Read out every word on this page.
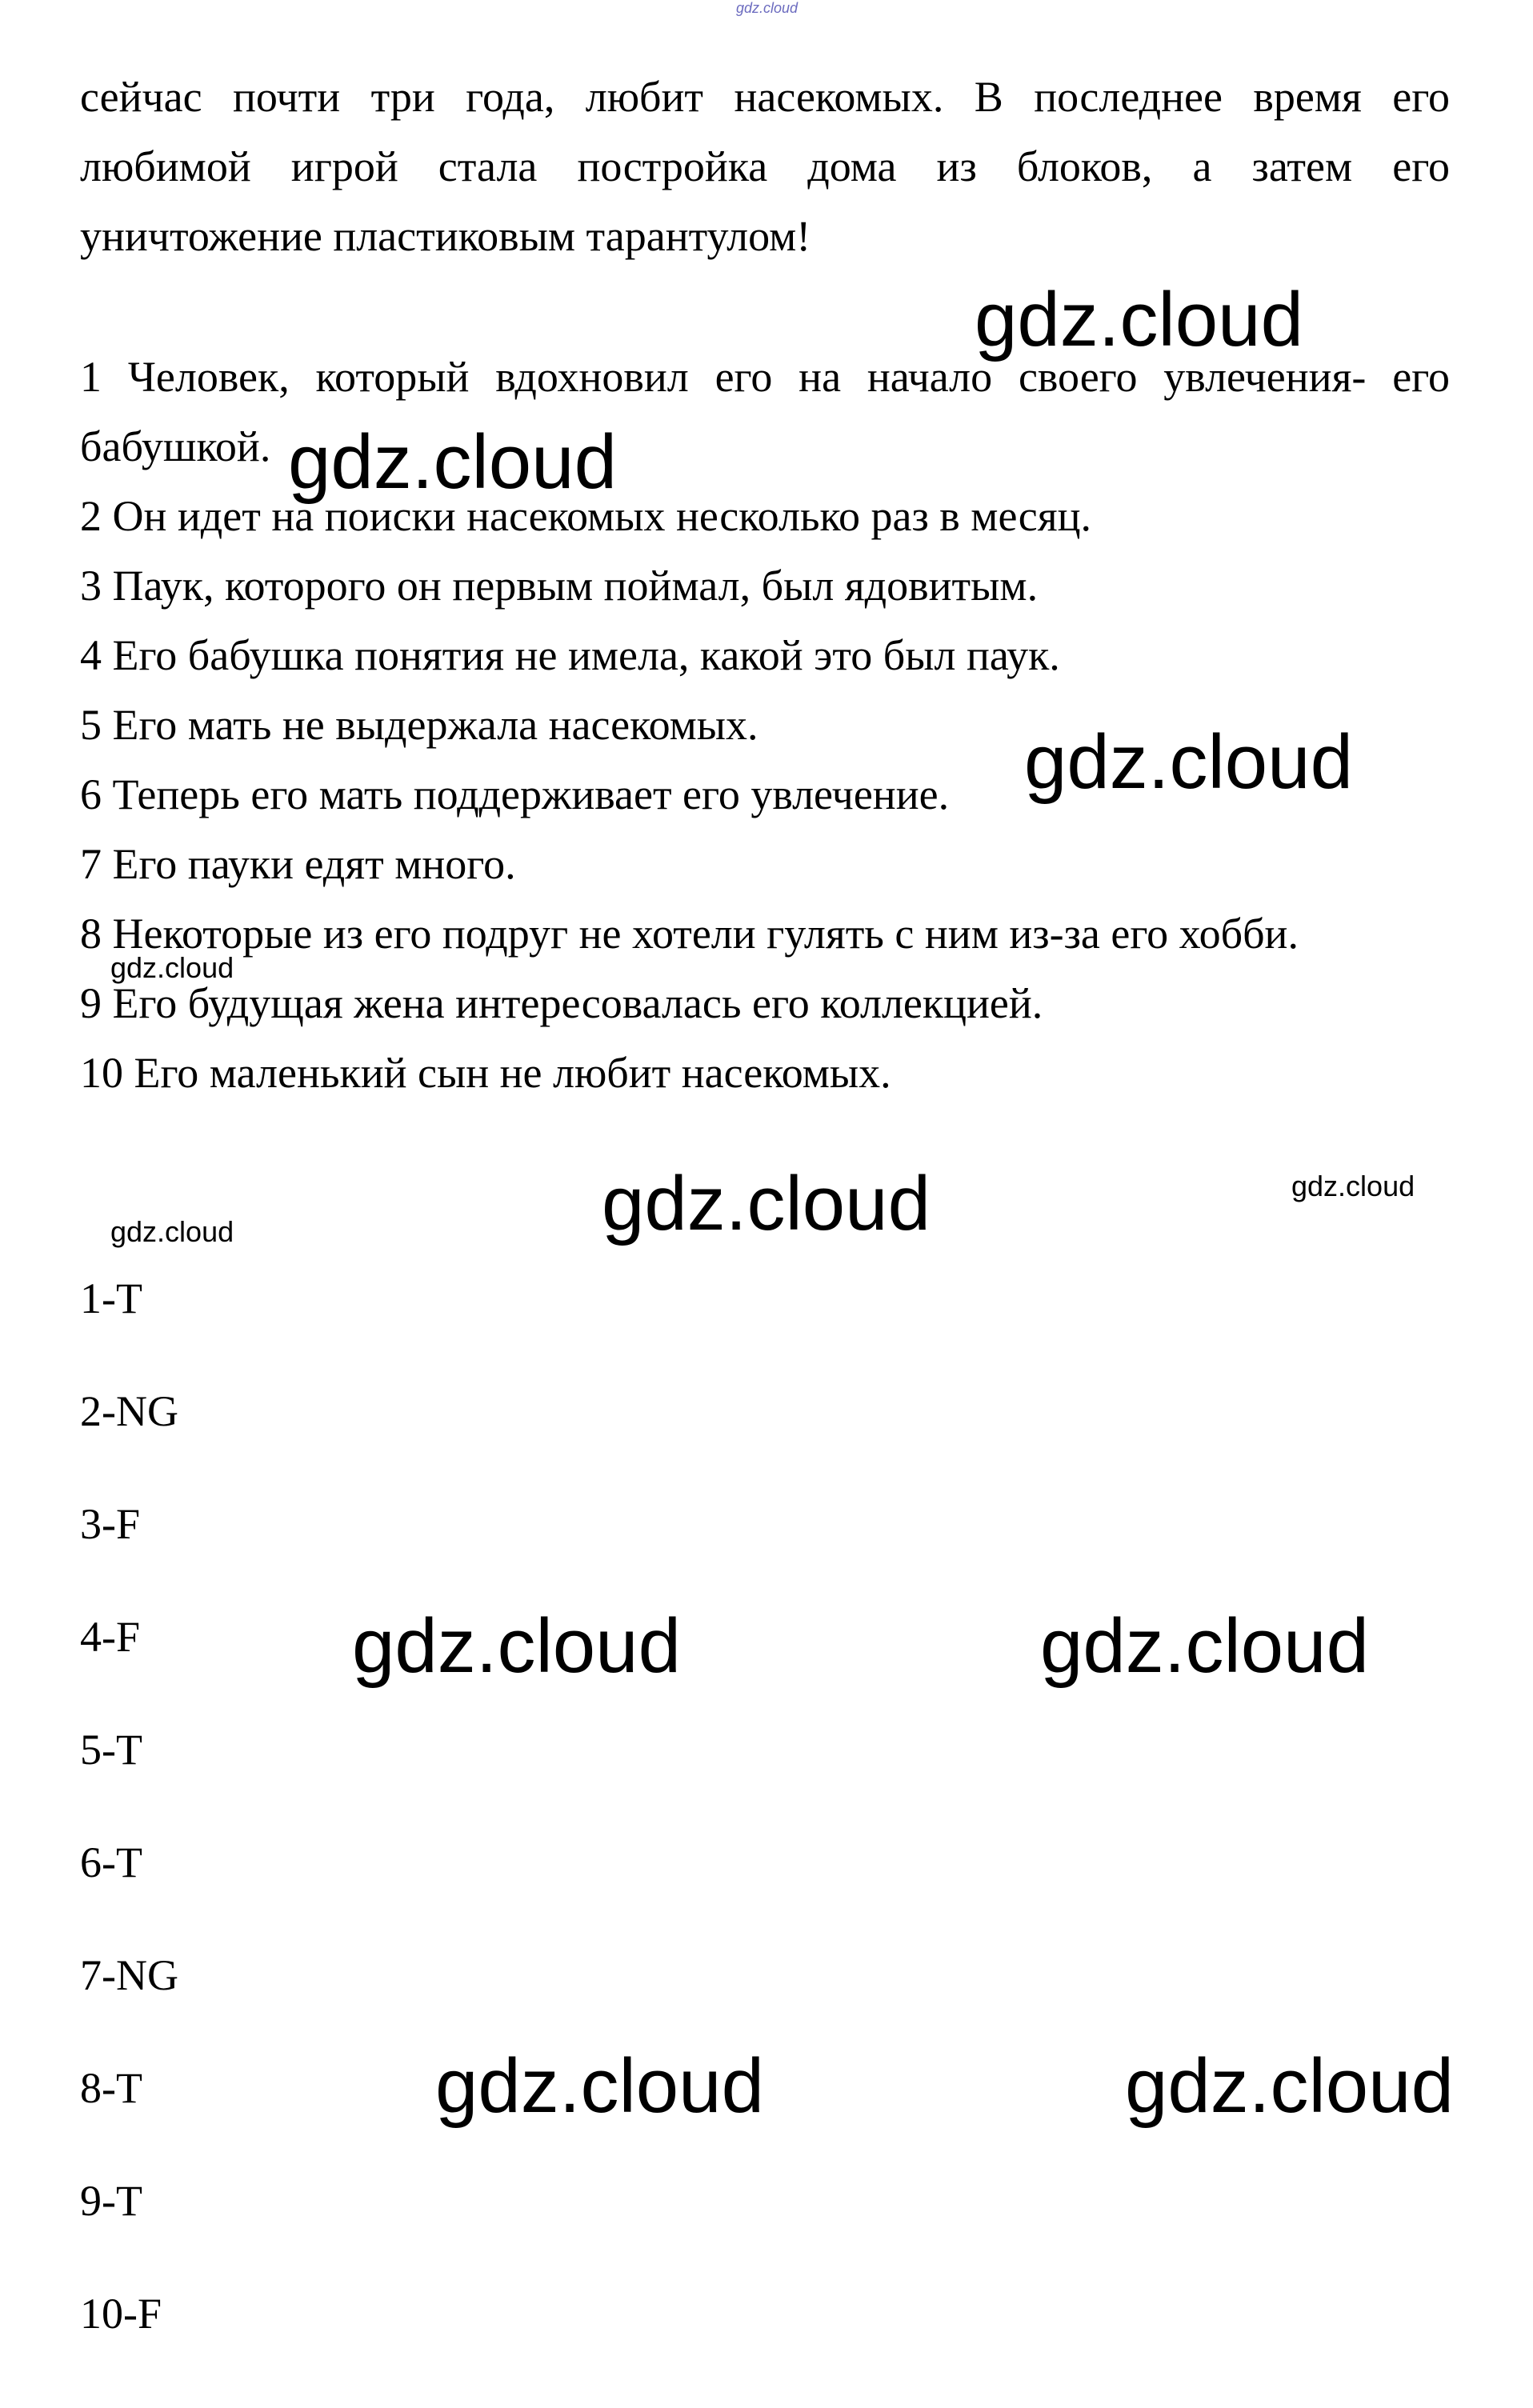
gdz.cloud
сейчас почти три года, любит насекомых. В последнее время его
любимой игрой стала постройка дома из блоков, а затем его
уничтожение пластиковым тарантулом!
1 Человек, который вдохновил его на начало своего увлечения- его
бабушкой.
2 Он идет на поиски насекомых несколько раз в месяц.
3 Паук, которого он первым поймал, был ядовитым.
4 Его бабушка понятия не имела, какой это был паук.
5 Его мать не выдержала насекомых.
6 Теперь его мать поддерживает его увлечение.
7 Его пауки едят много.
8 Некоторые из его подруг не хотели гулять с ним из-за его хобби.
9 Его будущая жена интересовалась его коллекцией.
10 Его маленький сын не любит насекомых.
1-T
2-NG
3-F
4-F
5-T
6-T
7-NG
8-T
9-T
10-F
gdz.cloud
gdz.cloud
gdz.cloud
gdz.cloud
gdz.cloud	gdz.cloud
gdz.cloud
gdz.cloud	gdz.cloud
gdz.cloud	gdz.cloud
